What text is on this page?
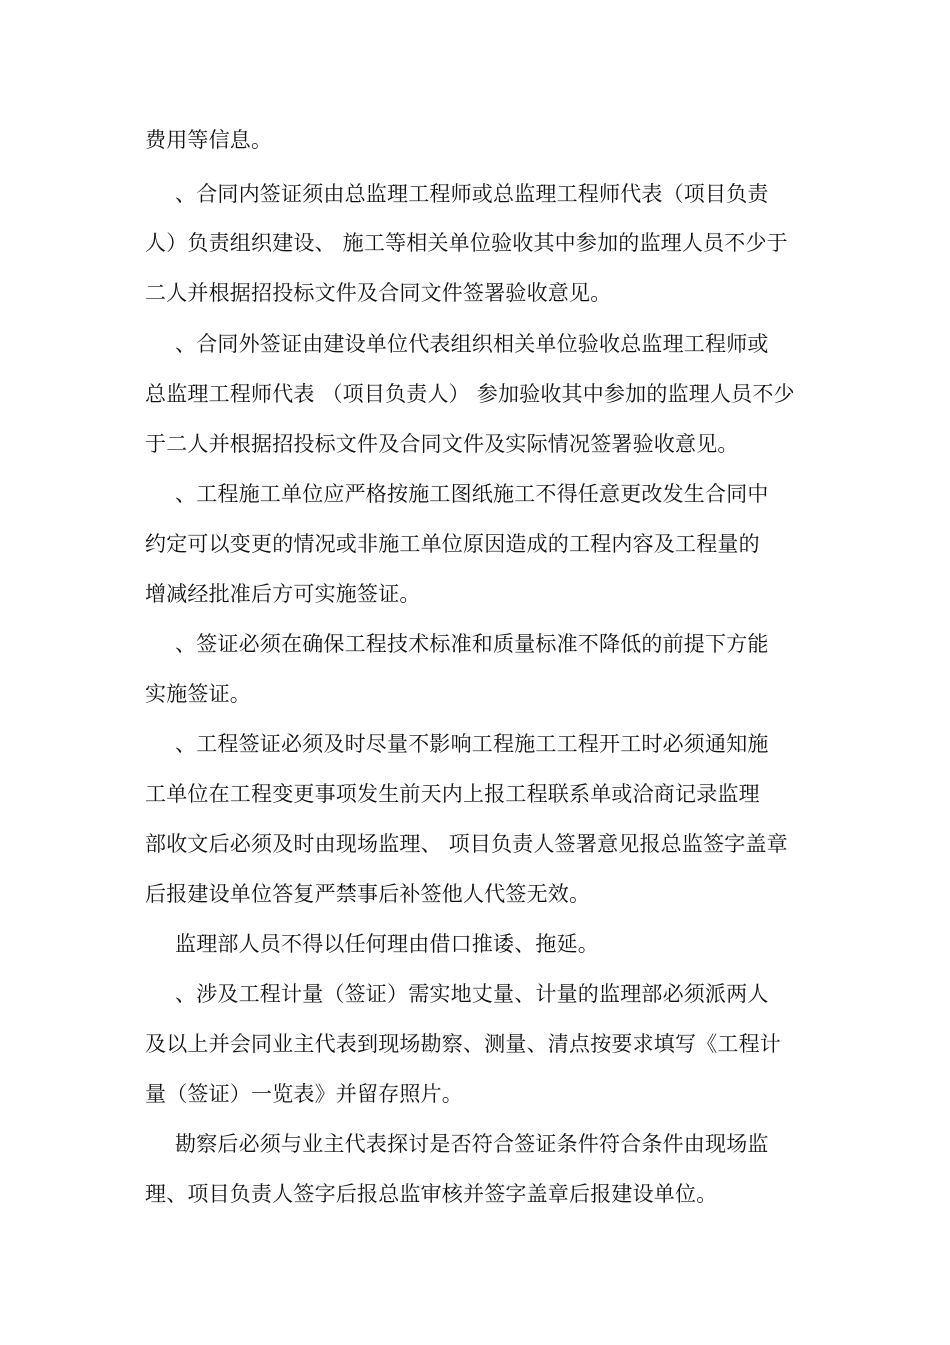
费用等信息。
、合同内签证须由总监理工程师或总监理工程师代表（项目负责
人）负责组织建设、 施工等相关单位验收其中参加的监理人员不少于
二人并根据招投标文件及合同文件签署验收意见。
、合同外签证由建设单位代表组织相关单位验收总监理工程师或
总监理工程师代表 （项目负责人） 参加验收其中参加的监理人员不少
于二人并根据招投标文件及合同文件及实际情况签署验收意见。
、工程施工单位应严格按施工图纸施工不得任意更改发生合同中
约定可以变更的情况或非施工单位原因造成的工程内容及工程量的
增减经批准后方可实施签证。
、签证必须在确保工程技术标准和质量标准不降低的前提下方能
实施签证。
、工程签证必须及时尽量不影响工程施工工程开工时必须通知施
工单位在工程变更事项发生前天内上报工程联系单或洽商记录监理
部收文后必须及时由现场监理、 项目负责人签署意见报总监签字盖章
后报建设单位答复严禁事后补签他人代签无效。
监理部人员不得以任何理由借口推诿、拖延。
、涉及工程计量（签证）需实地丈量、计量的监理部必须派两人
及以上并会同业主代表到现场勘察、测量、清点按要求填写《工程计
量（签证）一览表》并留存照片。
勘察后必须与业主代表探讨是否符合签证条件符合条件由现场监
理、项目负责人签字后报总监审核并签字盖章后报建设单位。
